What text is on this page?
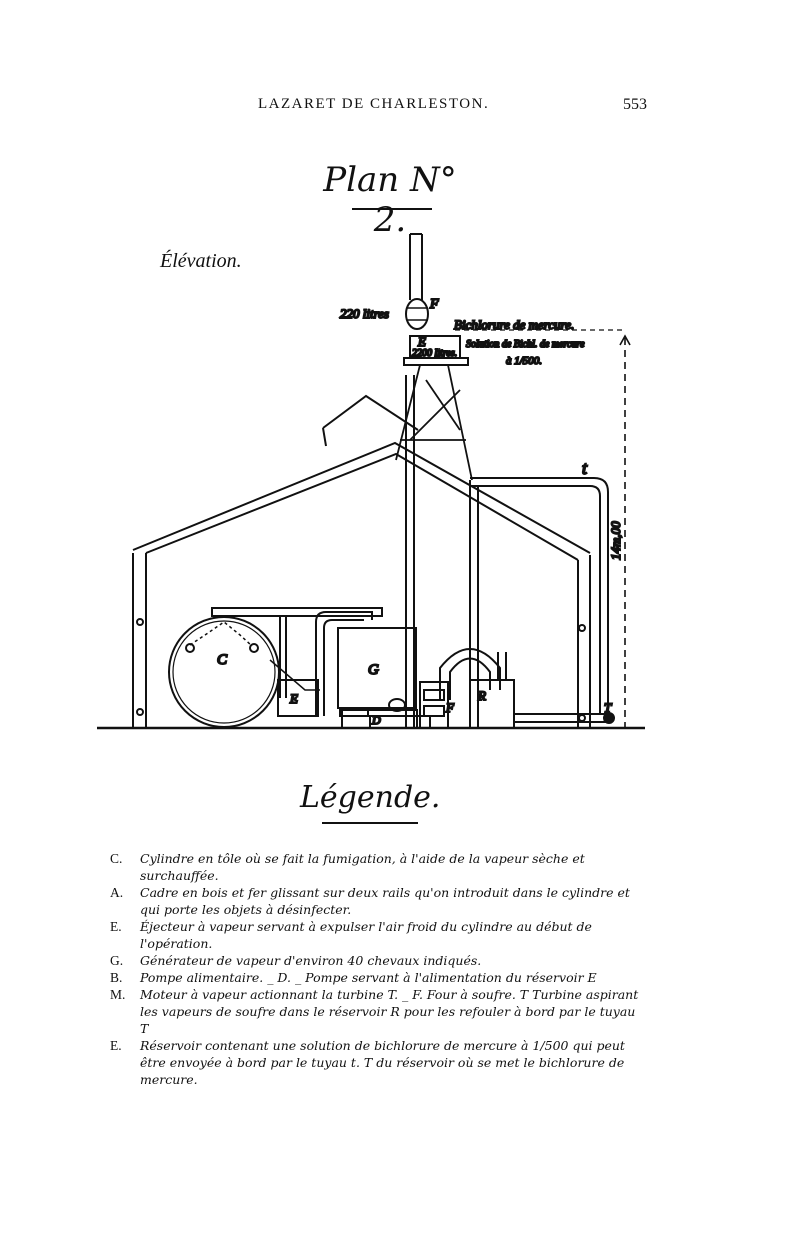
LAZARET DE CHARLESTON.	553
Plan N° 2.
Élévation.
220 litres
F
Bichlorure de mercure.
E
2200 litres.
Solution de Bichl. de mercure
à 1/500.
t
14m,00
C
G
E
D
F
R
T
Légende.
C. Cylindre en tôle où se fait la fumigation, à l'aide de la vapeur sèche et surchauffée.
A. Cadre en bois et fer glissant sur deux rails qu'on introduit dans le cylindre et qui porte les objets à désinfecter.
E. Éjecteur à vapeur servant à expulser l'air froid du cylindre au début de l'opération.
G. Générateur de vapeur d'environ 40 chevaux indiqués.
B. Pompe alimentaire. _ D. _ Pompe servant à l'alimentation du réservoir E
M. Moteur à vapeur actionnant la turbine T. _ F. Four à soufre. T Turbine aspirant les vapeurs de soufre dans le réservoir R pour les refouler à bord par le tuyau T
E. Réservoir contenant une solution de bichlorure de mercure à 1/500 qui peut être envoyée à bord par le tuyau t. T du réservoir où se met le bichlorure de mercure.
